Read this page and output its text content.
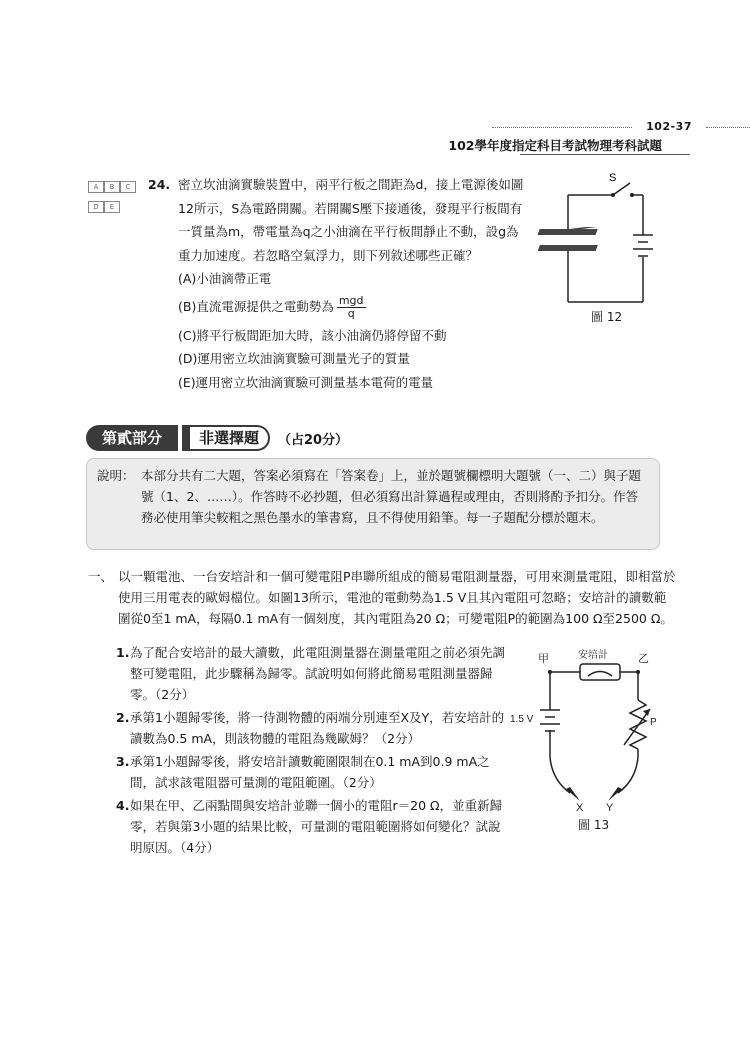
102-37
102學年度指定科目考試物理考科試題
A B C
D E
24. 密立坎油滴實驗裝置中，兩平行板之間距為d，接上電源後如圖12所示，S為電路開關。若開關S壓下接通後，發現平行板間有一質量為m，帶電量為q之小油滴在平行板間靜止不動，設g為重力加速度。若忽略空氣浮力，則下列敘述哪些正確？
(A)小油滴帶正電
(B)直流電源提供之電動勢為 $\frac{\text{mgd}}{q}$
(C)將平行板間距加大時，該小油滴仍將停留不動
(D)運用密立坎油滴實驗可測量光子的質量
(E)運用密立坎油滴實驗可測量基本電荷的電量
S
圖 12
第貳部分	非選擇題	（占20分）
說明： 本部分共有二大題，答案必須寫在「答案卷」上，並於題號欄標明大題號（一、二）與子題號（1、2、……）。作答時不必抄題，但必須寫出計算過程或理由，否則將酌予扣分。作答務必使用筆尖較粗之黑色墨水的筆書寫，且不得使用鉛筆。每一子題配分標於題末。
一、 以一顆電池、一台安培計和一個可變電阻P串聯所組成的簡易電阻測量器，可用來測量電阻，即相當於使用三用電表的歐姆檔位。如圖13所示，電池的電動勢為1.5 V且其內電阻可忽略；安培計的讀數範圍從0至1 mA，每隔0.1 mA有一個刻度，其內電阻為20 Ω；可變電阻P的範圍為100 Ω至2500 Ω。
1. 為了配合安培計的最大讀數，此電阻測量器在測量電阻之前必須先調整可變電阻，此步驟稱為歸零。試說明如何將此簡易電阻測量器歸零。（2分）
2. 承第1小題歸零後，將一待測物體的兩端分別連至X及Y，若安培計的讀數為0.5 mA，則該物體的電阻為幾歐姆？（2分）
3. 承第1小題歸零後，將安培計讀數範圍限制在0.1 mA到0.9 mA之間，試求該電阻器可量測的電阻範圍。（2分）
4. 如果在甲、乙兩點間與安培計並聯一個小的電阻r＝20 Ω，並重新歸零，若與第3小題的結果比較，可量測的電阻範圍將如何變化？試說明原因。（4分）
甲	乙
安培計
1.5 V	P
X Y
圖 13
